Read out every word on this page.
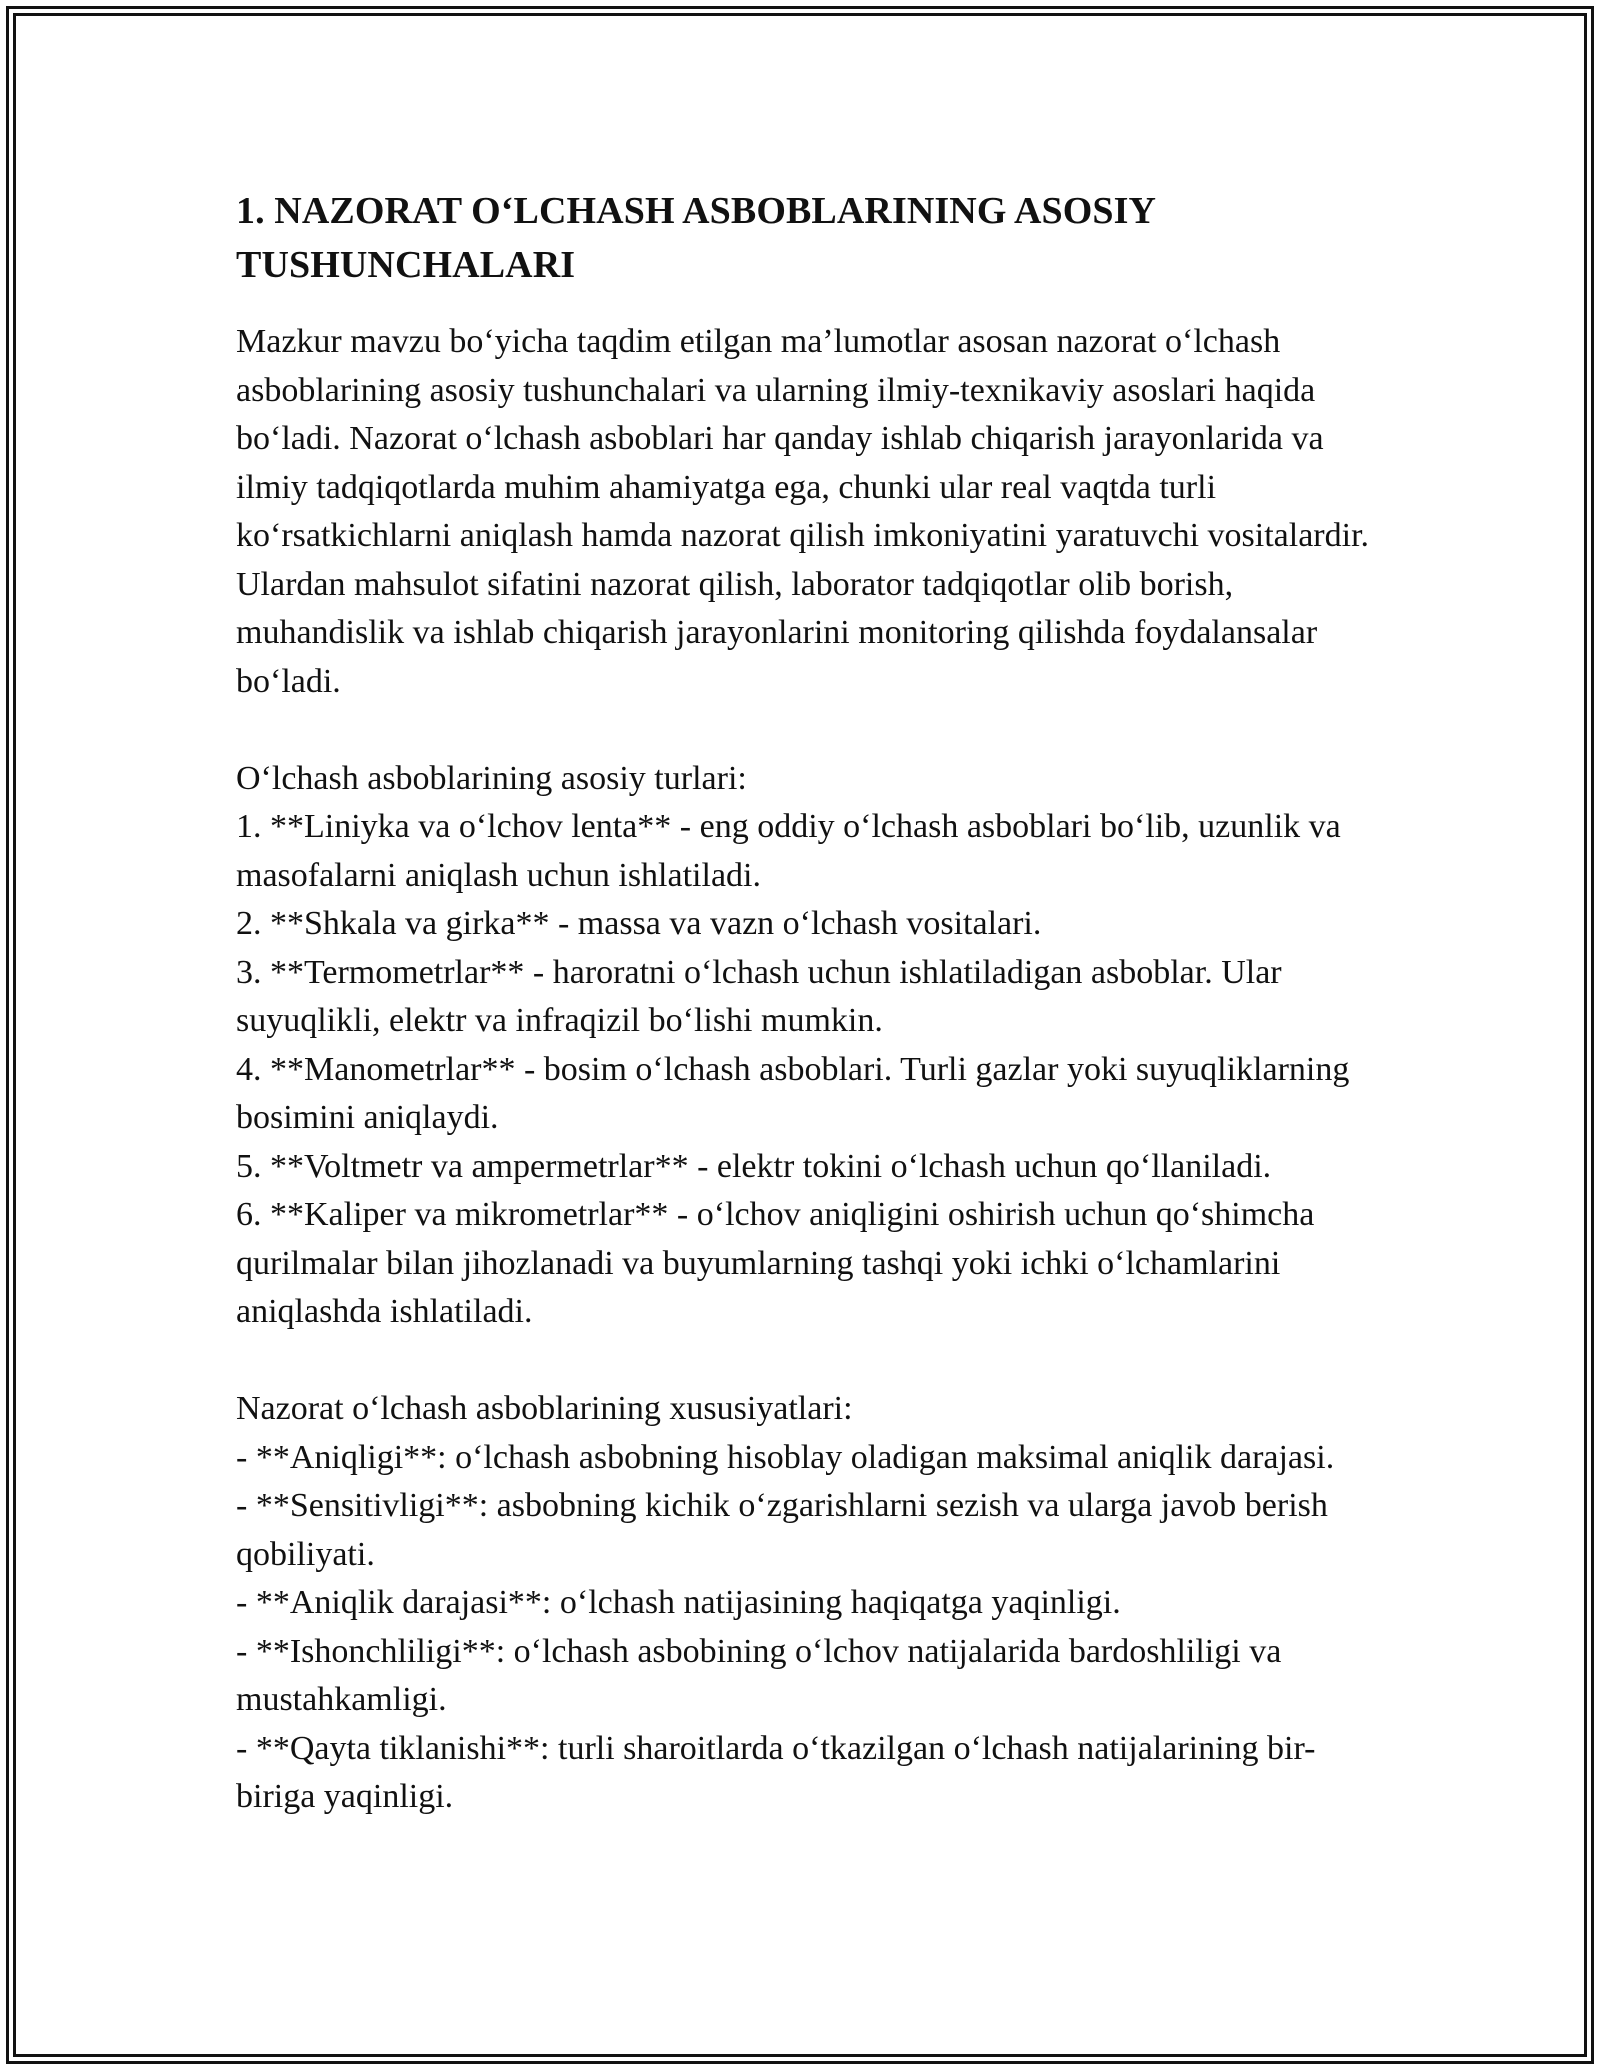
1. NAZORAT O‘LCHASH ASBOBLARINING ASOSIY TUSHUNCHALARI

Mazkur mavzu bo‘yicha taqdim etilgan ma’lumotlar asosan nazorat o‘lchash asboblarining asosiy tushunchalari va ularning ilmiy-texnikaviy asoslari haqida bo‘ladi. Nazorat o‘lchash asboblari har qanday ishlab chiqarish jarayonlarida va ilmiy tadqiqotlarda muhim ahamiyatga ega, chunki ular real vaqtda turli ko‘rsatkichlarni aniqlash hamda nazorat qilish imkoniyatini yaratuvchi vositalardir. Ulardan mahsulot sifatini nazorat qilish, laborator tadqiqotlar olib borish, muhandislik va ishlab chiqarish jarayonlarini monitoring qilishda foydalansalar bo‘ladi.

O‘lchash asboblarining asosiy turlari:

1. **Liniyka va o‘lchov lenta** - eng oddiy o‘lchash asboblari bo‘lib, uzunlik va masofalarni aniqlash uchun ishlatiladi.

2. **Shkala va girka** - massa va vazn o‘lchash vositalari.

3. **Termometrlar** - haroratni o‘lchash uchun ishlatiladigan asboblar. Ular suyuqlikli, elektr va infraqizil bo‘lishi mumkin.

4. **Manometrlar** - bosim o‘lchash asboblari. Turli gazlar yoki suyuqliklarning bosimini aniqlaydi.

5. **Voltmetr va ampermetrlar** - elektr tokini o‘lchash uchun qo‘llaniladi.

6. **Kaliper va mikrometrlar** - o‘lchov aniqligini oshirish uchun qo‘shimcha qurilmalar bilan jihozlanadi va buyumlarning tashqi yoki ichki o‘lchamlarini aniqlashda ishlatiladi.

Nazorat o‘lchash asboblarining xususiyatlari:

- **Aniqligi**: o‘lchash asbobning hisoblay oladigan maksimal aniqlik darajasi.

- **Sensitivligi**: asbobning kichik o‘zgarishlarni sezish va ularga javob berish qobiliyati.

- **Aniqlik darajasi**: o‘lchash natijasining haqiqatga yaqinligi.

- **Ishonchliligi**: o‘lchash asbobining o‘lchov natijalarida bardoshliligi va mustahkamligi.

- **Qayta tiklanishi**: turli sharoitlarda o‘tkazilgan o‘lchash natijalarining bir-biriga yaqinligi.
